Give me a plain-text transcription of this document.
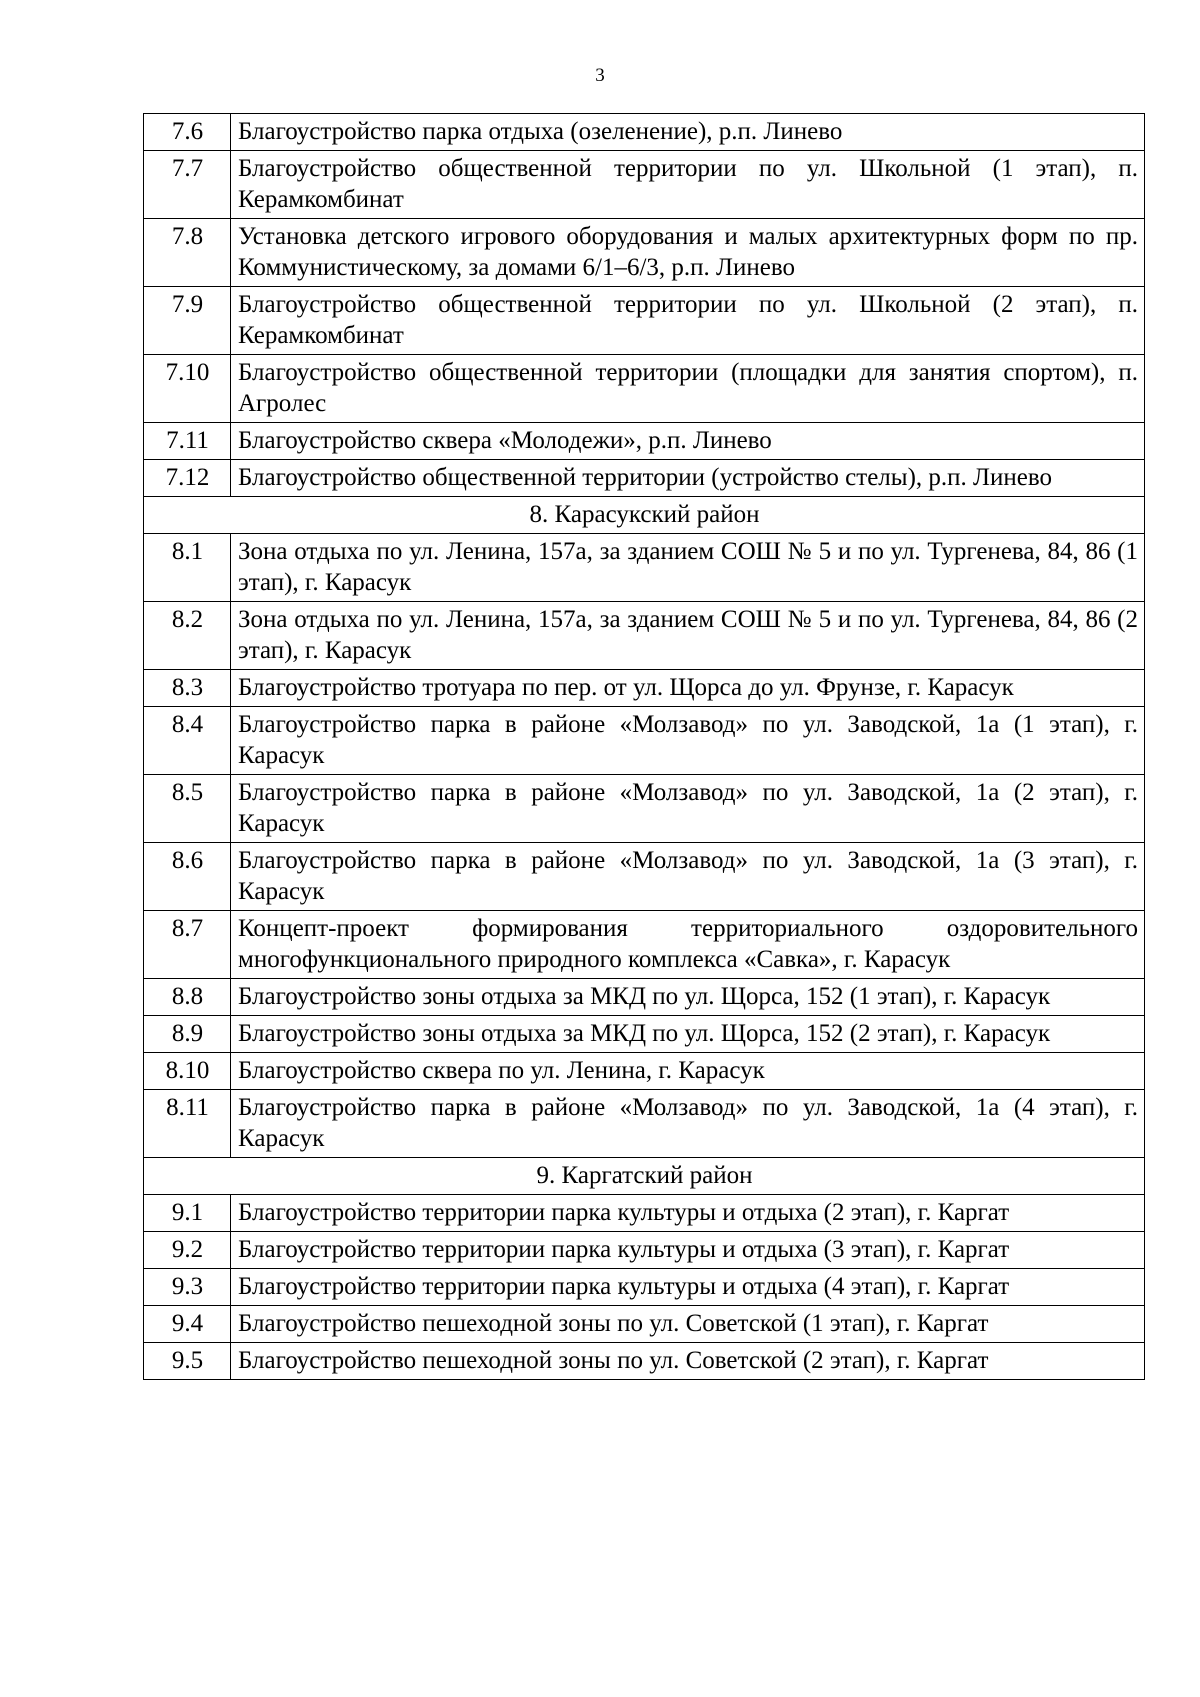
3
7.6	Благоустройство парка отдыха (озеленение), р.п. Линево
7.7	Благоустройство общественной территории по ул. Школьной (1 этап), п. Керамкомбинат
7.8	Установка детского игрового оборудования и малых архитектурных форм по пр. Коммунистическому, за домами 6/1–6/3, р.п. Линево
7.9	Благоустройство общественной территории по ул. Школьной (2 этап), п. Керамкомбинат
7.10	Благоустройство общественной территории (площадки для занятия спортом), п. Агролес
7.11	Благоустройство сквера «Молодежи», р.п. Линево
7.12	Благоустройство общественной территории (устройство стелы), р.п. Линево
8. Карасукский район	
8.1	Зона отдыха по ул. Ленина, 157а, за зданием СОШ № 5 и по ул. Тургенева, 84, 86 (1 этап), г. Карасук
8.2	Зона отдыха по ул. Ленина, 157а, за зданием СОШ № 5 и по ул. Тургенева, 84, 86 (2 этап), г. Карасук
8.3	Благоустройство тротуара по пер. от ул. Щорса до ул. Фрунзе, г. Карасук
8.4	Благоустройство парка в районе «Молзавод» по ул. Заводской, 1а (1 этап), г. Карасук
8.5	Благоустройство парка в районе «Молзавод» по ул. Заводской, 1а (2 этап), г. Карасук
8.6	Благоустройство парка в районе «Молзавод» по ул. Заводской, 1а (3 этап), г. Карасук
8.7	Концепт-проект формирования территориального оздоровительного многофункционального природного комплекса «Савка», г. Карасук
8.8	Благоустройство зоны отдыха за МКД по ул. Щорса, 152 (1 этап), г. Карасук
8.9	Благоустройство зоны отдыха за МКД по ул. Щорса, 152 (2 этап), г. Карасук
8.10	Благоустройство сквера по ул. Ленина, г. Карасук
8.11	Благоустройство парка в районе «Молзавод» по ул. Заводской, 1а (4 этап), г. Карасук
9. Каргатский район	
9.1	Благоустройство территории парка культуры и отдыха (2 этап), г. Каргат
9.2	Благоустройство территории парка культуры и отдыха (3 этап), г. Каргат
9.3	Благоустройство территории парка культуры и отдыха (4 этап), г. Каргат
9.4	Благоустройство пешеходной зоны по ул. Советской (1 этап), г. Каргат
9.5	Благоустройство пешеходной зоны по ул. Советской (2 этап), г. Каргат
